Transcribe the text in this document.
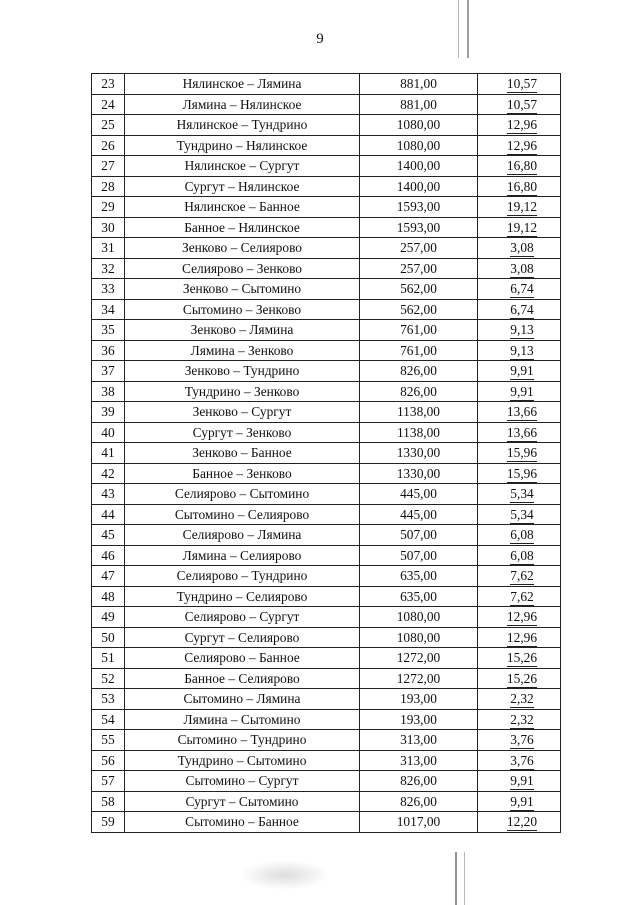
9
23	Нялинское – Лямина	881,00	10,57
24	Лямина – Нялинское	881,00	10,57
25	Нялинское – Тундрино	1080,00	12,96
26	Тундрино – Нялинское	1080,00	12,96
27	Нялинское – Сургут	1400,00	16,80
28	Сургут – Нялинское	1400,00	16,80
29	Нялинское – Банное	1593,00	19,12
30	Банное – Нялинское	1593,00	19,12
31	Зенково – Селиярово	257,00	3,08
32	Селиярово – Зенково	257,00	3,08
33	Зенково – Сытомино	562,00	6,74
34	Сытомино – Зенково	562,00	6,74
35	Зенково – Лямина	761,00	9,13
36	Лямина – Зенково	761,00	9,13
37	Зенково – Тундрино	826,00	9,91
38	Тундрино – Зенково	826,00	9,91
39	Зенково – Сургут	1138,00	13,66
40	Сургут – Зенково	1138,00	13,66
41	Зенково – Банное	1330,00	15,96
42	Банное – Зенково	1330,00	15,96
43	Селиярово – Сытомино	445,00	5,34
44	Сытомино – Селиярово	445,00	5,34
45	Селиярово – Лямина	507,00	6,08
46	Лямина – Селиярово	507,00	6,08
47	Селиярово – Тундрино	635,00	7,62
48	Тундрино – Селиярово	635,00	7,62
49	Селиярово – Сургут	1080,00	12,96
50	Сургут – Селиярово	1080,00	12,96
51	Селиярово – Банное	1272,00	15,26
52	Банное – Селиярово	1272,00	15,26
53	Сытомино – Лямина	193,00	2,32
54	Лямина – Сытомино	193,00	2,32
55	Сытомино – Тундрино	313,00	3,76
56	Тундрино – Сытомино	313,00	3,76
57	Сытомино – Сургут	826,00	9,91
58	Сургут – Сытомино	826,00	9,91
59	Сытомино – Банное	1017,00	12,20
